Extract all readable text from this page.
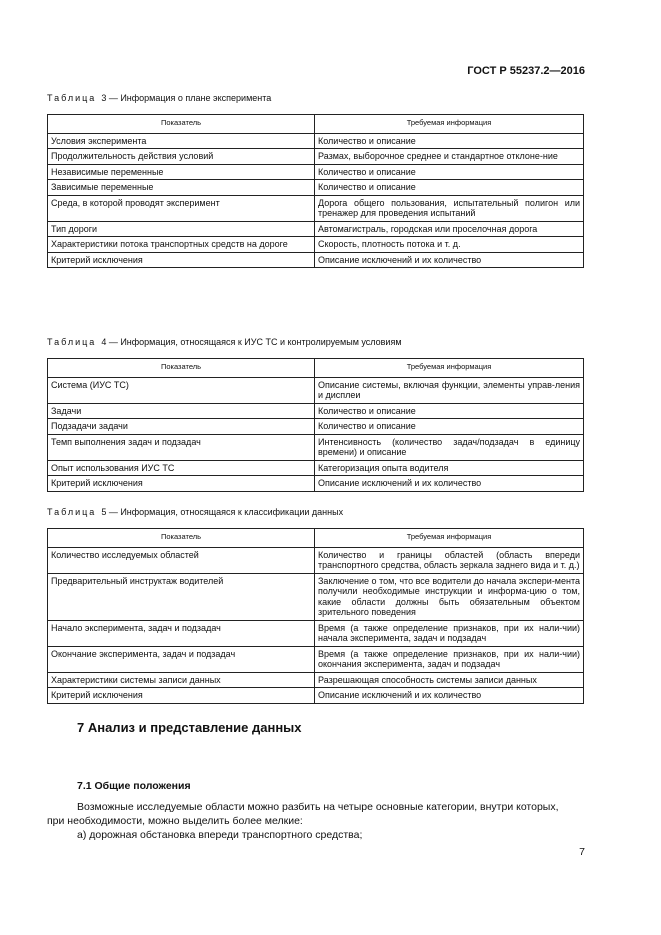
ГОСТ Р 55237.2—2016
Таблица 3 — Информация о плане эксперимента
Показатель	Требуемая информация
Условия эксперимента	Количество и описание
Продолжительность действия условий	Размах, выборочное среднее и стандартное отклоне-ние
Независимые переменные	Количество и описание
Зависимые переменные	Количество и описание
Среда, в которой проводят эксперимент	Дорога общего пользования, испытательный полигон или тренажер для проведения испытаний
Тип дороги	Автомагистраль, городская или проселочная дорога
Характеристики потока транспортных средств на дороге	Скорость, плотность потока и т. д.
Критерий исключения	Описание исключений и их количество
Таблица 4 — Информация, относящаяся к ИУС ТС и контролируемым условиям
Показатель	Требуемая информация
Система (ИУС ТС)	Описание системы, включая функции, элементы управ-ления и дисплеи
Задачи	Количество и описание
Подзадачи задачи	Количество и описание
Темп выполнения задач и подзадач	Интенсивность (количество задач/подзадач в единицу времени) и описание
Опыт использования ИУС ТС	Категоризация опыта водителя
Критерий исключения	Описание исключений и их количество
Таблица 5 — Информация, относящаяся к классификации данных
Показатель	Требуемая информация
Количество исследуемых областей	Количество и границы областей (область впереди транспортного средства, область зеркала заднего вида и т. д.)
Предварительный инструктаж водителей	Заключение о том, что все водители до начала экспери-мента получили необходимые инструкции и информа-цию о том, какие области должны быть обязательным объектом зрительного поведения
Начало эксперимента, задач и подзадач	Время (а также определение признаков, при их нали-чии) начала эксперимента, задач и подзадач
Окончание эксперимента, задач и подзадач	Время (а также определение признаков, при их нали-чии) окончания эксперимента, задач и подзадач
Характеристики системы записи данных	Разрешающая способность системы записи данных
Критерий исключения	Описание исключений и их количество
7 Анализ и представление данных
7.1 Общие положения
Возможные исследуемые области можно разбить на четыре основные категории, внутри которых,
при необходимости, можно выделить более мелкие:
а) дорожная обстановка впереди транспортного средства;
7
